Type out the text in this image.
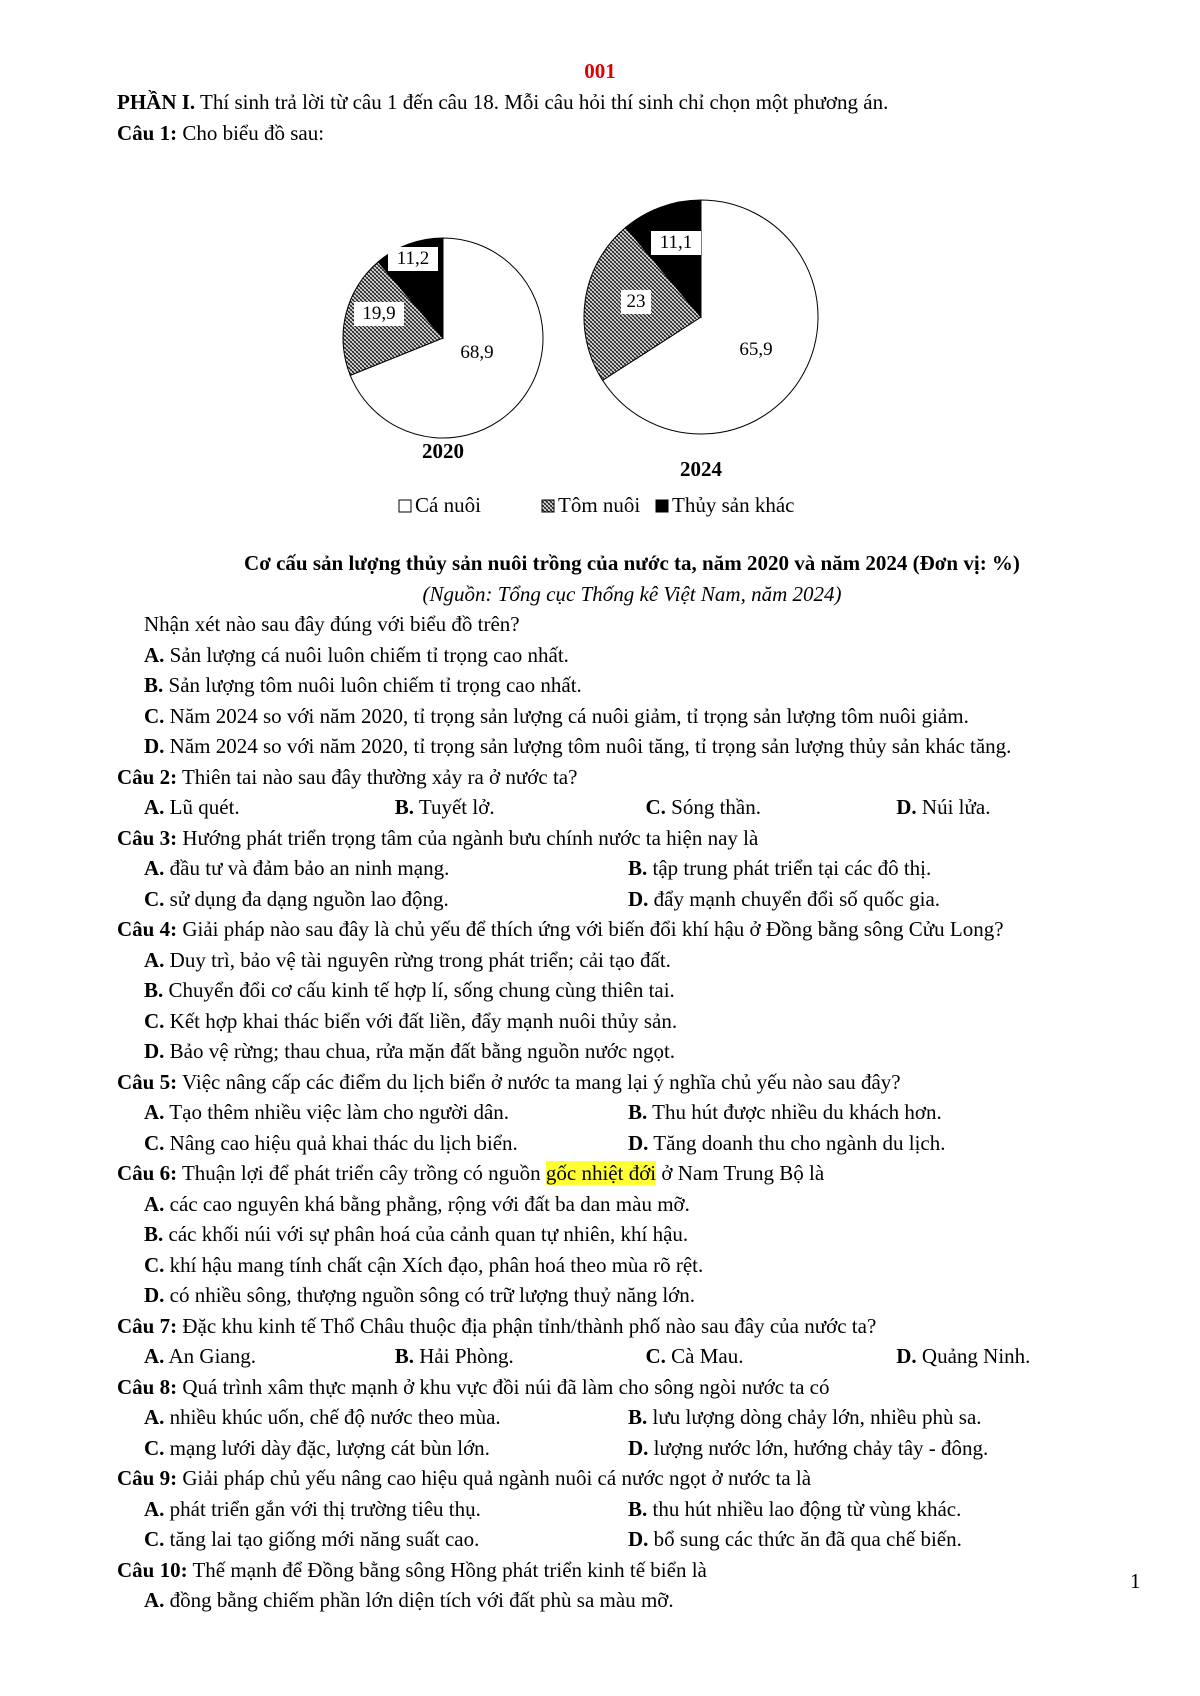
001
PHẦN I. Thí sinh trả lời từ câu 1 đến câu 18. Mỗi câu hỏi thí sinh chỉ chọn một phương án.
Câu 1: Cho biểu đồ sau:
68,9
19,9
11,2
2020
65,9
23
11,1
2024
Cá nuôi	Tôm nuôi Thủy sản khác
Cơ cấu sản lượng thủy sản nuôi trồng của nước ta, năm 2020 và năm 2024 (Đơn vị: %)
(Nguồn: Tổng cục Thống kê Việt Nam, năm 2024)
Nhận xét nào sau đây đúng với biểu đồ trên?
A. Sản lượng cá nuôi luôn chiếm tỉ trọng cao nhất.
B. Sản lượng tôm nuôi luôn chiếm tỉ trọng cao nhất.
C. Năm 2024 so với năm 2020, tỉ trọng sản lượng cá nuôi giảm, tỉ trọng sản lượng tôm nuôi giảm.
D. Năm 2024 so với năm 2020, tỉ trọng sản lượng tôm nuôi tăng, tỉ trọng sản lượng thủy sản khác tăng.
Câu 2: Thiên tai nào sau đây thường xảy ra ở nước ta?
A. Lũ quét.	B. Tuyết lở.	C. Sóng thần.	D. Núi lửa.
Câu 3: Hướng phát triển trọng tâm của ngành bưu chính nước ta hiện nay là
A. đầu tư và đảm bảo an ninh mạng.	B. tập trung phát triển tại các đô thị.
C. sử dụng đa dạng nguồn lao động.	D. đẩy mạnh chuyển đổi số quốc gia.
Câu 4: Giải pháp nào sau đây là chủ yếu để thích ứng với biến đổi khí hậu ở Đồng bằng sông Cửu Long?
A. Duy trì, bảo vệ tài nguyên rừng trong phát triển; cải tạo đất.
B. Chuyển đổi cơ cấu kinh tế hợp lí, sống chung cùng thiên tai.
C. Kết hợp khai thác biển với đất liền, đẩy mạnh nuôi thủy sản.
D. Bảo vệ rừng; thau chua, rửa mặn đất bằng nguồn nước ngọt.
Câu 5: Việc nâng cấp các điểm du lịch biển ở nước ta mang lại ý nghĩa chủ yếu nào sau đây?
A. Tạo thêm nhiều việc làm cho người dân.	B. Thu hút được nhiều du khách hơn.
C. Nâng cao hiệu quả khai thác du lịch biển.	D. Tăng doanh thu cho ngành du lịch.
Câu 6: Thuận lợi để phát triển cây trồng có nguồn gốc nhiệt đới ở Nam Trung Bộ là
A. các cao nguyên khá bằng phẳng, rộng với đất ba dan màu mỡ.
B. các khối núi với sự phân hoá của cảnh quan tự nhiên, khí hậu.
C. khí hậu mang tính chất cận Xích đạo, phân hoá theo mùa rõ rệt.
D. có nhiều sông, thượng nguồn sông có trữ lượng thuỷ năng lớn.
Câu 7: Đặc khu kinh tế Thổ Châu thuộc địa phận tỉnh/thành phố nào sau đây của nước ta?
A. An Giang.	B. Hải Phòng.	C. Cà Mau.	D. Quảng Ninh.
Câu 8: Quá trình xâm thực mạnh ở khu vực đồi núi đã làm cho sông ngòi nước ta có
A. nhiều khúc uốn, chế độ nước theo mùa.	B. lưu lượng dòng chảy lớn, nhiều phù sa.
C. mạng lưới dày đặc, lượng cát bùn lớn.	D. lượng nước lớn, hướng chảy tây - đông.
Câu 9: Giải pháp chủ yếu nâng cao hiệu quả ngành nuôi cá nước ngọt ở nước ta là
A. phát triển gắn với thị trường tiêu thụ.	B. thu hút nhiều lao động từ vùng khác.
C. tăng lai tạo giống mới năng suất cao.	D. bổ sung các thức ăn đã qua chế biến.
Câu 10: Thế mạnh để Đồng bằng sông Hồng phát triển kinh tế biển là
A. đồng bằng chiếm phần lớn diện tích với đất phù sa màu mỡ.
1
